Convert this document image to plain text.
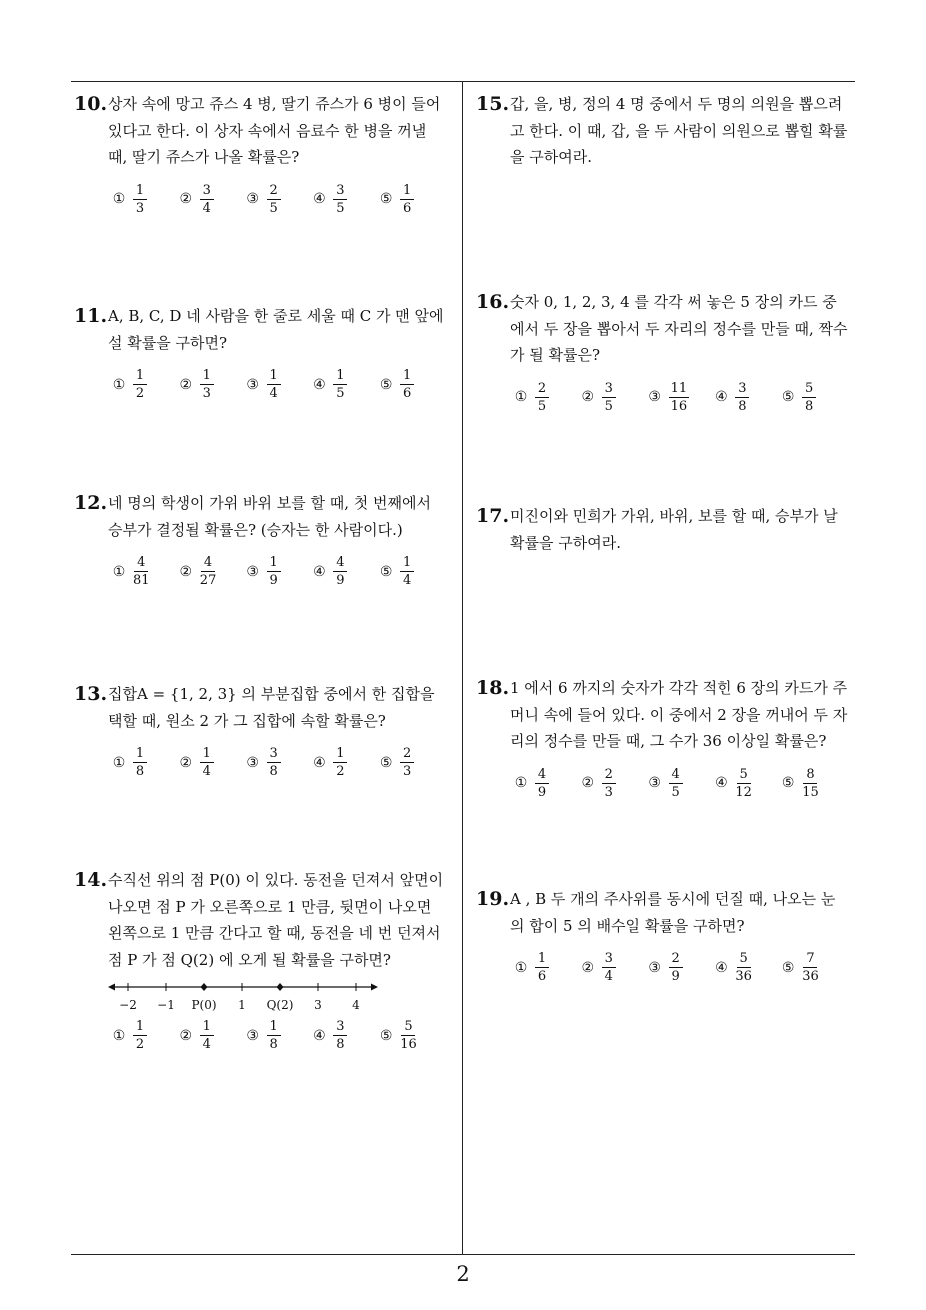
10. 상자 속에 망고 쥬스 4 병, 딸기 쥬스가 6 병이 들어 있다고 한다. 이 상자 속에서 음료수 한 병을 꺼낼 때, 딸기 쥬스가 나올 확률은?
① $\frac{1}{3}$ ② $\frac{3}{4}$ ③ $\frac{2}{5}$ ④ $\frac{3}{5}$ ⑤ $\frac{1}{6}$
11. A, B, C, D 네 사람을 한 줄로 세울 때 C 가 맨 앞에 설 확률을 구하면?
① $\frac{1}{2}$ ② $\frac{1}{3}$ ③ $\frac{1}{4}$ ④ $\frac{1}{5}$ ⑤ $\frac{1}{6}$
12. 네 명의 학생이 가위 바위 보를 할 때, 첫 번째에서 승부가 결정될 확률은? (승자는 한 사람이다.)
① $\frac{4}{81}$ ② $\frac{4}{27}$ ③ $\frac{1}{9}$ ④ $\frac{4}{9}$ ⑤ $\frac{1}{4}$
13. 집합A = {1, 2, 3} 의 부분집합 중에서 한 집합을 택할 때, 원소 2 가 그 집합에 속할 확률은?
① $\frac{1}{8}$ ② $\frac{1}{4}$ ③ $\frac{3}{8}$ ④ $\frac{1}{2}$ ⑤ $\frac{2}{3}$
14. 수직선 위의 점 P(0) 이 있다. 동전을 던져서 앞면이 나오면 점 P 가 오른쪽으로 1 만큼, 뒷면이 나오면 왼쪽으로 1 만큼 간다고 할 때, 동전을 네 번 던져서 점 P 가 점 Q(2) 에 오게 될 확률을 구하면?
−2 −1 P(0) 1 Q(2) 3	4
① $\frac{1}{2}$ ② $\frac{1}{4}$ ③ $\frac{1}{8}$ ④ $\frac{3}{8}$ ⑤ $\frac{5}{16}$
15. 갑, 을, 병, 정의 4 명 중에서 두 명의 의원을 뽑으려고 한다. 이 때, 갑, 을 두 사람이 의원으로 뽑힐 확률을 구하여라.
16. 숫자 0, 1, 2, 3, 4 를 각각 써 놓은 5 장의 카드 중에서 두 장을 뽑아서 두 자리의 정수를 만들 때, 짝수가 될 확률은?
① $\frac{2}{5}$ ② $\frac{3}{5}$ ③ $\frac{11}{16}$ ④ $\frac{3}{8}$ ⑤ $\frac{5}{8}$
17. 미진이와 민희가 가위, 바위, 보를 할 때, 승부가 날 확률을 구하여라.
18. 1 에서 6 까지의 숫자가 각각 적힌 6 장의 카드가 주머니 속에 들어 있다. 이 중에서 2 장을 꺼내어 두 자리의 정수를 만들 때, 그 수가 36 이상일 확률은?
① $\frac{4}{9}$ ② $\frac{2}{3}$ ③ $\frac{4}{5}$ ④ $\frac{5}{12}$ ⑤ $\frac{8}{15}$
19. A , B 두 개의 주사위를 동시에 던질 때, 나오는 눈의 합이 5 의 배수일 확률을 구하면?
① $\frac{1}{6}$ ② $\frac{3}{4}$ ③ $\frac{2}{9}$ ④ $\frac{5}{36}$ ⑤ $\frac{7}{36}$
2
